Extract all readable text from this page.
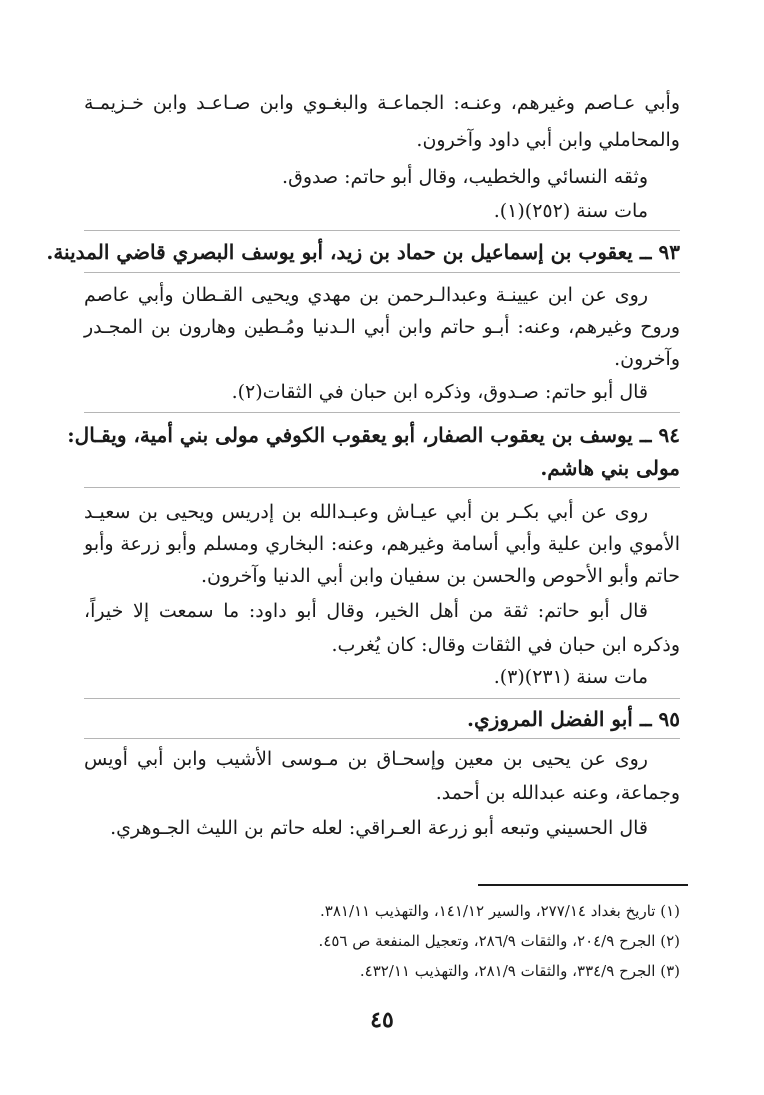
وأبي عـاصم وغيرهم، وعنـه: الجماعـة والبغـوي وابن صـاعـد وابن خـزيمـة
والمحاملي وابن أبي داود وآخرون.
وثقه النسائي والخطيب، وقال أبو حاتم: صدوق.
مات سنة (٢٥٢)(١).
٩٣ ــ يعقوب بن إسماعيل بن حماد بن زيد، أبو يوسف البصري قاضي المدينة.
روى عن ابن عيينـة وعبدالـرحمن بن مهدي ويحيى القـطان وأبي عاصم
وروح وغيرهم، وعنه: أبـو حاتم وابن أبي الـدنيا ومُـطين وهارون بن المجـدر
وآخرون.
قال أبو حاتم: صـدوق، وذكره ابن حبان في الثقات(٢).
٩٤ ــ يوسف بن يعقوب الصفار، أبو يعقوب الكوفي مولى بني أمية، ويقـال:
مولى بني هاشم.
روى عن أبي بكـر بن أبي عيـاش وعبـدالله بن إدريس ويحيى بن سعيـد
الأموي وابن علية وأبي أسامة وغيرهم، وعنه: البخاري ومسلم وأبو زرعة وأبو
حاتم وأبو الأحوص والحسن بن سفيان وابن أبي الدنيا وآخرون.
قال أبو حاتم: ثقة من أهل الخير، وقال أبو داود: ما سمعت إلا خيراً،
وذكره ابن حبان في الثقات وقال: كان يُغرب.
مات سنة (٢٣١)(٣).
٩٥ ــ أبو الفضل المروزي.
روى عن يحيى بن معين وإسحـاق بن مـوسى الأشيب وابن أبي أويس
وجماعة، وعنه عبدالله بن أحمد.
قال الحسيني وتبعه أبو زرعة العـراقي: لعله حاتم بن الليث الجـوهري.
(١) تاريخ بغداد ٢٧٧/١٤، والسير ١٤١/١٢، والتهذيب ٣٨١/١١.
(٢) الجرح ٢٠٤/٩، والثقات ٢٨٦/٩، وتعجيل المنفعة ص ٤٥٦.
(٣) الجرح ٣٣٤/٩، والثقات ٢٨١/٩، والتهذيب ٤٣٢/١١.
٤٥
